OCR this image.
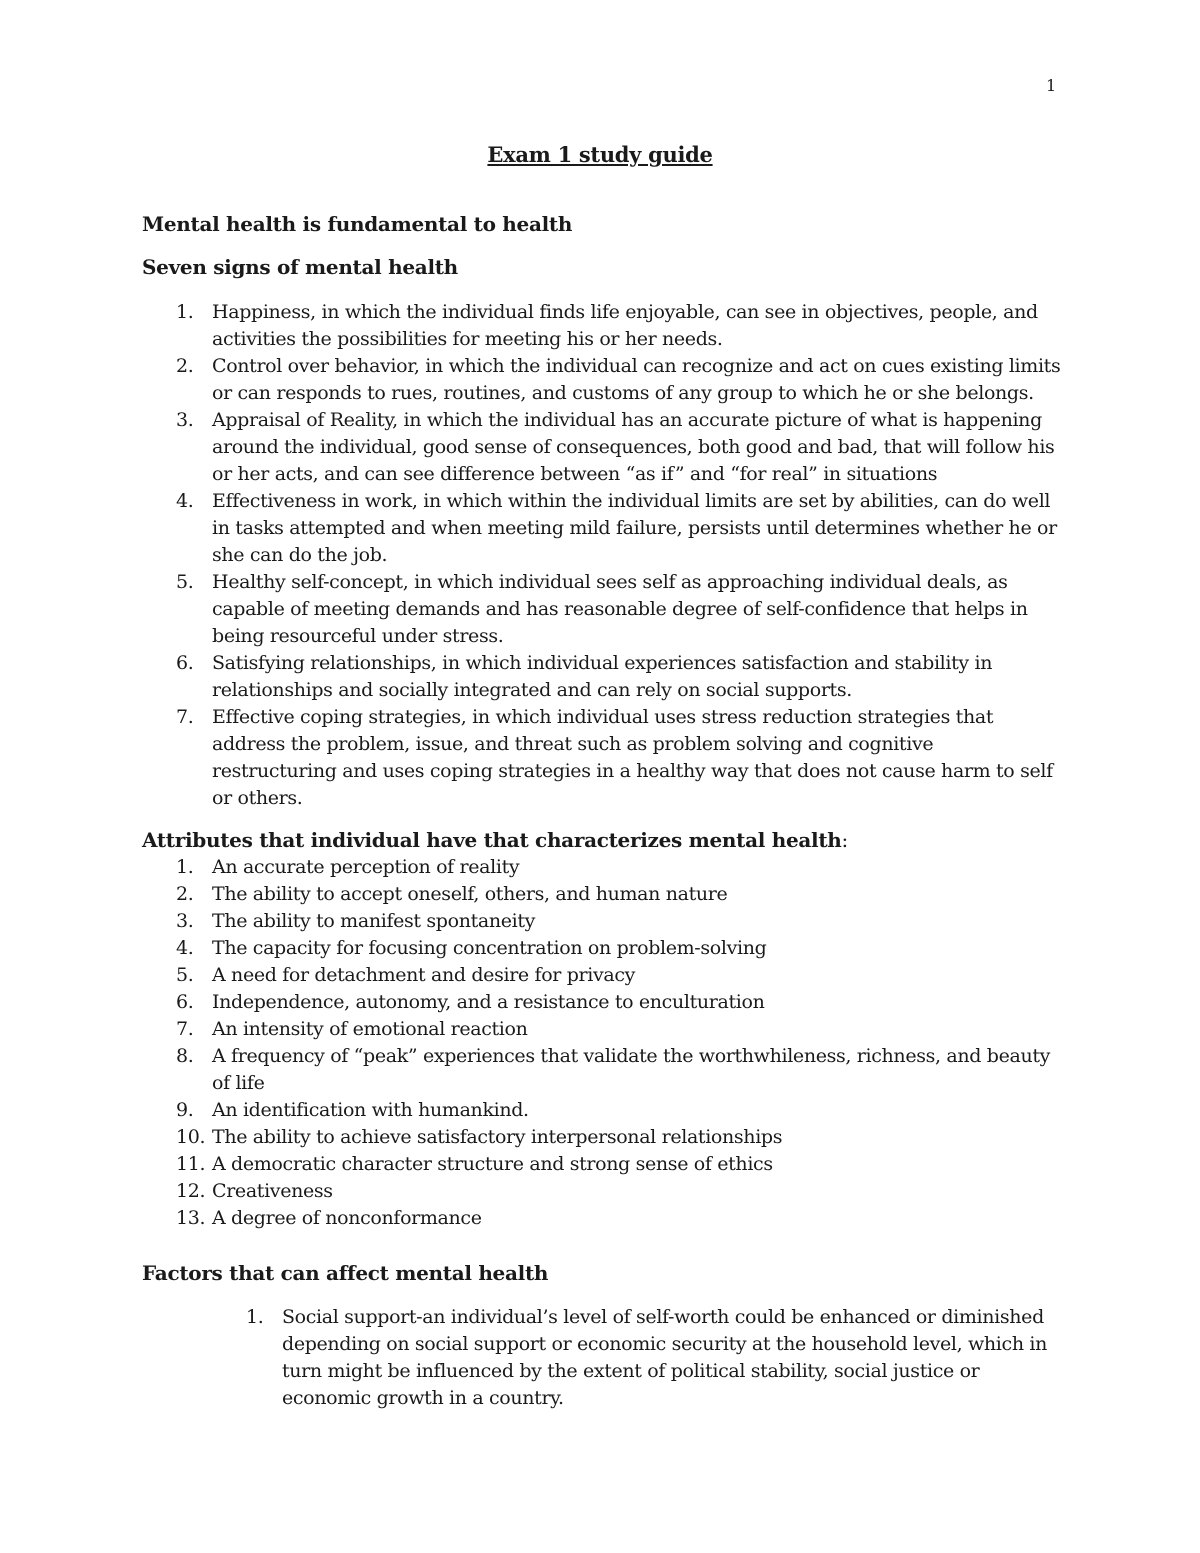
1
Exam 1 study guide
Mental health is fundamental to health
Seven signs of mental health
1. Happiness, in which the individual finds life enjoyable, can see in objectives, people, and activities the possibilities for meeting his or her needs.
2. Control over behavior, in which the individual can recognize and act on cues existing limits or can responds to rues, routines, and customs of any group to which he or she belongs.
3. Appraisal of Reality, in which the individual has an accurate picture of what is happening around the individual, good sense of consequences, both good and bad, that will follow his or her acts, and can see difference between “as if” and “for real” in situations
4. Effectiveness in work, in which within the individual limits are set by abilities, can do well in tasks attempted and when meeting mild failure, persists until determines whether he or she can do the job.
5. Healthy self-concept, in which individual sees self as approaching individual deals, as capable of meeting demands and has reasonable degree of self-confidence that helps in being resourceful under stress.
6. Satisfying relationships, in which individual experiences satisfaction and stability in relationships and socially integrated and can rely on social supports.
7. Effective coping strategies, in which individual uses stress reduction strategies that address the problem, issue, and threat such as problem solving and cognitive restructuring and uses coping strategies in a healthy way that does not cause harm to self or others.
Attributes that individual have that characterizes mental health:
1. An accurate perception of reality
2. The ability to accept oneself, others, and human nature
3. The ability to manifest spontaneity
4. The capacity for focusing concentration on problem-solving
5. A need for detachment and desire for privacy
6. Independence, autonomy, and a resistance to enculturation
7. An intensity of emotional reaction
8. A frequency of “peak” experiences that validate the worthwhileness, richness, and beauty of life
9. An identification with humankind.
10. The ability to achieve satisfactory interpersonal relationships
11. A democratic character structure and strong sense of ethics
12. Creativeness
13. A degree of nonconformance
Factors that can affect mental health
1. Social support-an individual’s level of self-worth could be enhanced or diminished depending on social support or economic security at the household level, which in turn might be influenced by the extent of political stability, social justice or economic growth in a country.
